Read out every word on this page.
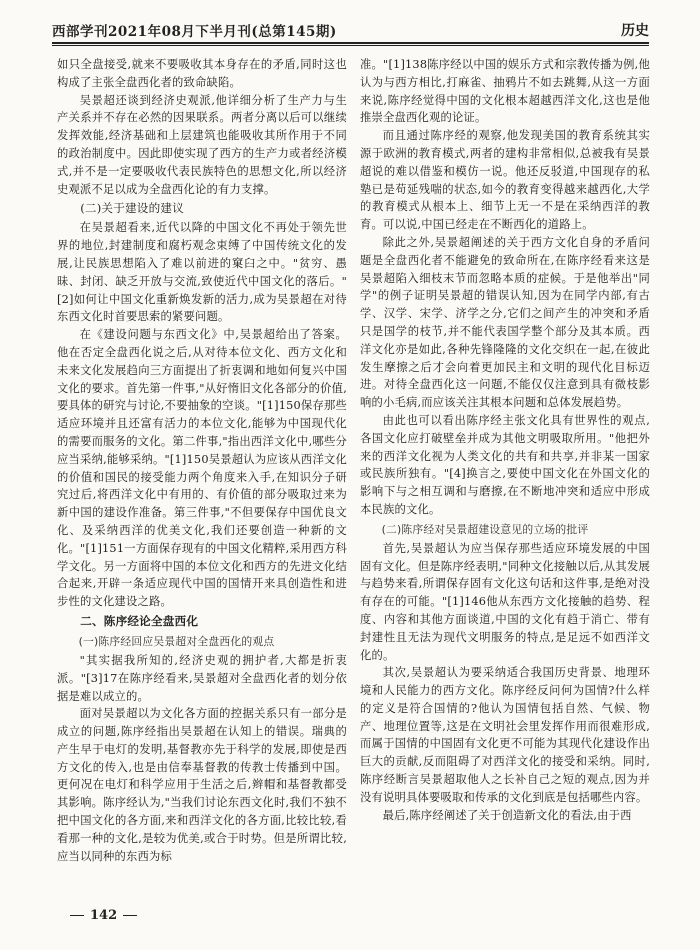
西部学刊2021年08月下半月刊(总第145期)	历史
如只全盘接受,就来不要吸收其本身存在的矛盾,同时这也构成了主张全盘西化者的致命缺陷。
吴景超还谈到经济史观派,他详细分析了生产力与生产关系并不存在必然的因果联系。两者分离以后可以继续发挥效能,经济基础和上层建筑也能吸收其所作用于不同的政治制度中。因此即使实现了西方的生产力或者经济模式,并不是一定要吸收代表民族特色的思想文化,所以经济史观派不足以成为全盘西化论的有力支撑。
(二)关于建设的建议
在吴景超看来,近代以降的中国文化不再处于领先世界的地位,封建制度和腐朽观念束缚了中国传统文化的发展,让民族思想陷入了难以前进的窠臼之中。"贫穷、愚昧、封闭、缺乏开放与交流,致使近代中国文化的落后。"[2]如何让中国文化重新焕发新的活力,成为吴景超在对待东西文化时首要思索的紧要问题。
在《建设问题与东西文化》中,吴景超给出了答案。他在否定全盘西化说之后,从对待本位文化、西方文化和未来文化发展趋向三方面提出了折衷调和地如何复兴中国文化的要求。首先第一件事,"从好惰旧文化各部分的价值,要具体的研究与讨论,不要抽象的空谈。"[1]150保存那些适应环境并且还富有活力的本位文化,能够为中国现代化的需要而服务的文化。第二件事,"指出西洋文化中,哪些分应当采纳,能够采纳。"[1]150吴景超认为应该从西洋文化的价值和国民的接受能力两个角度来入手,在知识分子研究过后,将西洋文化中有用的、有价值的部分吸取过来为新中国的建设作准备。第三件事,"不但要保存中国优良文化、及采纳西洋的优美文化,我们还要创造一种新的文化。"[1]151一方面保存现有的中国文化精粹,采用西方科学文化。另一方面将中国的本位文化和西方的先进文化结合起来,开辟一条适应现代中国的国情开来具创造性和进步性的文化建设之路。
二、陈序经论全盘西化
(一)陈序经回应吴景超对全盘西化的观点
"其实据我所知的,经济史观的拥护者,大都是折衷派。"[3]17在陈序经看来,吴景超对全盘西化者的划分依据是难以成立的。
面对吴景超以为文化各方面的控据关系只有一部分是成立的问题,陈序经指出吴景超在认知上的错误。瑞典的产生早于电灯的发明,基督教亦先于科学的发展,即使是西方文化的传入,也是由信奉基督教的传教士传播到中国。更何况在电灯和科学应用于生活之后,辫帽和基督教都受其影响。陈序经认为,"当我们讨论东西文化时,我们不独不把中国文化的各方面,来和西洋文化的各方面,比较比较,看看那一种的文化,是较为优美,或合于时势。但是所谓比较,应当以同种的东西为标
准。"[1]138陈序经以中国的娱乐方式和宗教传播为例,他认为与西方相比,打麻雀、抽鸦片不如去跳舞,从这一方面来说,陈序经觉得中国的文化根本超越西洋文化,这也是他推崇全盘西化观的论证。
而且通过陈序经的观察,他发现美国的教育系统其实源于欧洲的教育模式,两者的建构非常相似,总被我有吴景超说的难以借鉴和模仿一说。他还反驳道,中国现存的私塾已是苟延残喘的状态,如今的教育变得越来越西化,大学的教育模式从根本上、细节上无一不是在采纳西洋的教育。可以说,中国已经走在不断西化的道路上。
除此之外,吴景超阐述的关于西方文化自身的矛盾问题是全盘西化者不能避免的致命所在,在陈序经看来这是吴景超陷入细枝末节而忽略本质的症候。于是他举出"同学"的例子证明吴景超的错误认知,因为在同学内部,有古学、汉学、宋学、济学之分,它们之间产生的冲突和矛盾只是国学的枝节,并不能代表国学整个部分及其本质。西洋文化亦是如此,各种先锋隆隆的文化交织在一起,在彼此发生摩擦之后才会向着更加民主和文明的现代化目标迈进。对待全盘西化这一问题,不能仅仅注意到具有微枝影响的小毛病,而应该关注其根本问题和总体发展趋势。
由此也可以看出陈序经主张文化具有世界性的观点,各国文化应打破壁垒并成为其他文明吸取所用。"他把外来的西洋文化视为人类文化的共有和共享,并非某一国家或民族所独有。"[4]换言之,要使中国文化在外国文化的影响下与之相互调和与磨擦,在不断地冲突和适应中形成本民族的文化。
(二)陈序经对吴景超建设意见的立场的批评
首先,吴景超认为应当保存那些适应环境发展的中国固有文化。但是陈序经表明,"同种文化接触以后,从其发展与趋势来看,所谓保存固有文化这句话和这件事,是绝对没有存在的可能。"[1]146他从东西方文化接触的趋势、程度、内容和其他方面谈道,中国的文化有趋于消亡、带有封建性且无法为现代文明服务的特点,是足远不如西洋文化的。
其次,吴景超认为要采纳适合我国历史背景、地理环境和人民能力的西方文化。陈序经反问何为国情?什么样的定义是符合国情的?他认为国情包括自然、气候、物产、地理位置等,这是在文明社会里发挥作用而很难形成,而属于国情的中国固有文化更不可能为其现代化建设作出巨大的贡献,反而阻碍了对西洋文化的接受和采纳。同时,陈序经断言吴景超取他人之长补自己之短的观点,因为并没有说明具体要吸取和传承的文化到底是包括哪些内容。
最后,陈序经阐述了关于创造新文化的看法,由于西
142
